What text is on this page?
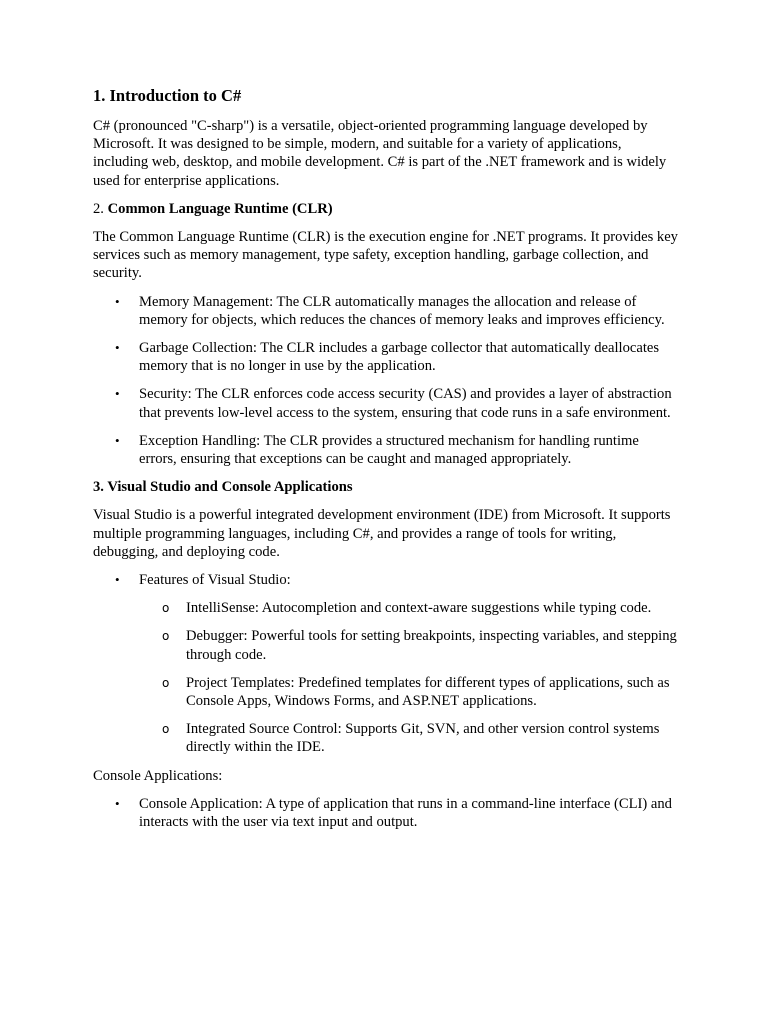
1. Introduction to C#

C# (pronounced "C-sharp") is a versatile, object-oriented programming language developed by Microsoft. It was designed to be simple, modern, and suitable for a variety of applications, including web, desktop, and mobile development. C# is part of the .NET framework and is widely used for enterprise applications.

2. Common Language Runtime (CLR)

The Common Language Runtime (CLR) is the execution engine for .NET programs. It provides key services such as memory management, type safety, exception handling, garbage collection, and security.

• Memory Management: The CLR automatically manages the allocation and release of memory for objects, which reduces the chances of memory leaks and improves efficiency.
• Garbage Collection: The CLR includes a garbage collector that automatically deallocates memory that is no longer in use by the application.
• Security: The CLR enforces code access security (CAS) and provides a layer of abstraction that prevents low-level access to the system, ensuring that code runs in a safe environment.
• Exception Handling: The CLR provides a structured mechanism for handling runtime errors, ensuring that exceptions can be caught and managed appropriately.
3. Visual Studio and Console Applications

Visual Studio is a powerful integrated development environment (IDE) from Microsoft. It supports multiple programming languages, including C#, and provides a range of tools for writing, debugging, and deploying code.

• Features of Visual Studio:
o IntelliSense: Autocompletion and context-aware suggestions while typing code.
o Debugger: Powerful tools for setting breakpoints, inspecting variables, and stepping through code.
o Project Templates: Predefined templates for different types of applications, such as Console Apps, Windows Forms, and ASP.NET applications.
o Integrated Source Control: Supports Git, SVN, and other version control systems directly within the IDE.

Console Applications:

• Console Application: A type of application that runs in a command-line interface (CLI) and interacts with the user via text input and output.
